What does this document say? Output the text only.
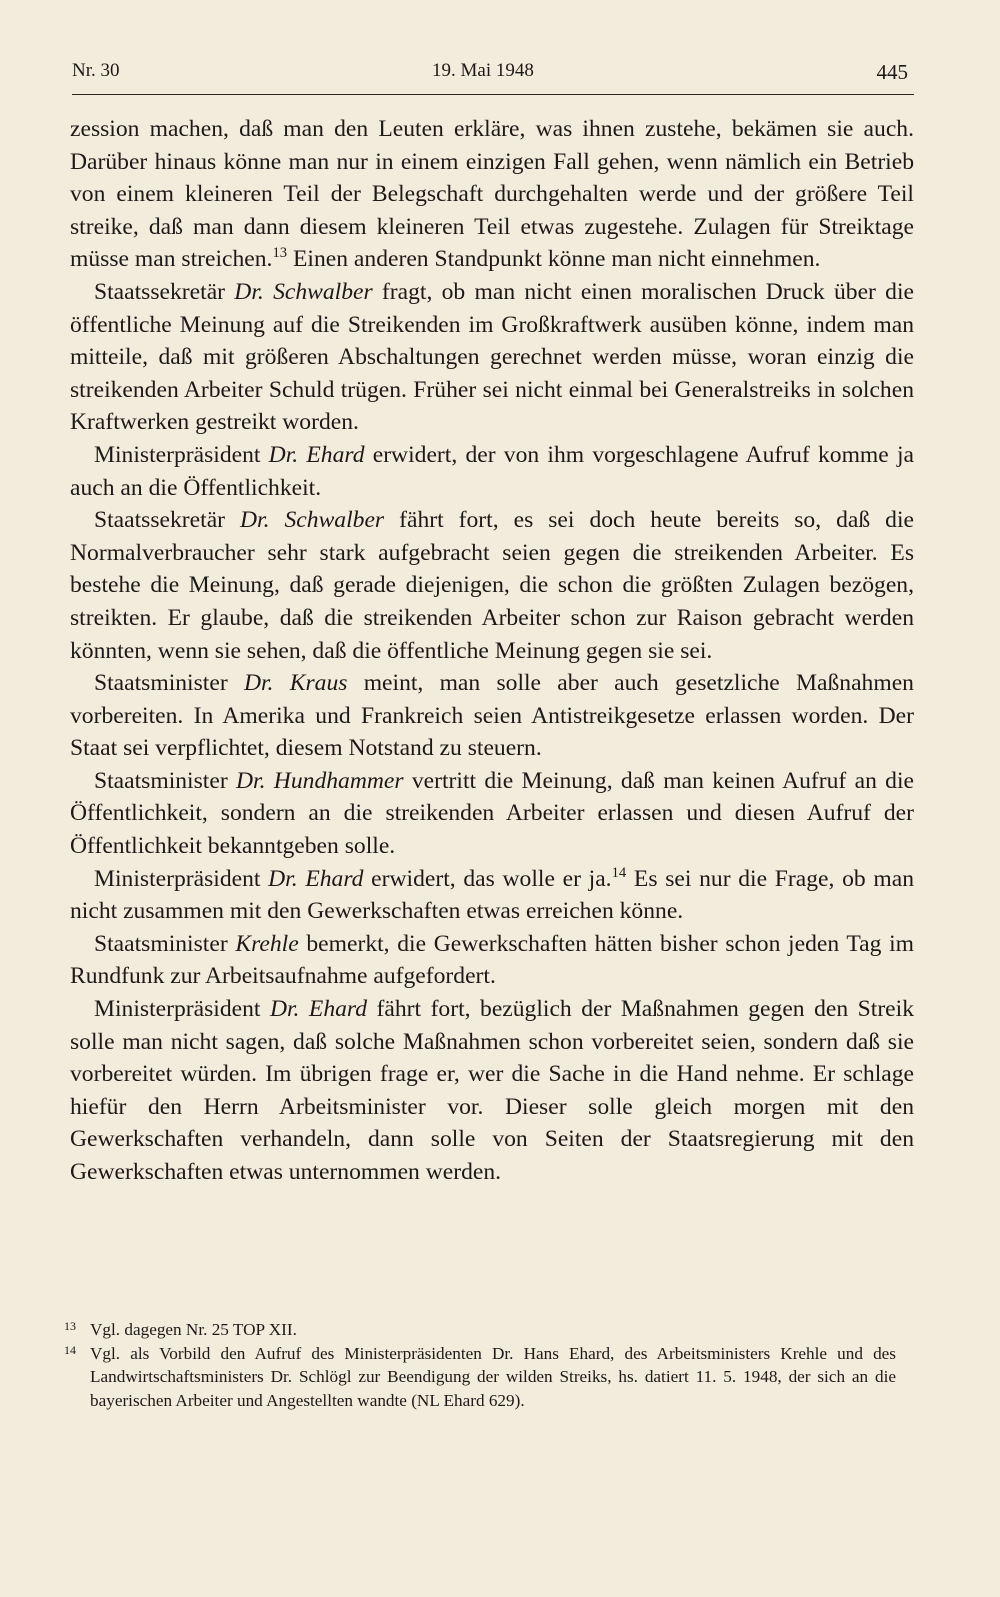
Nr. 30	19. Mai 1948	445

zession machen, daß man den Leuten erkläre, was ihnen zustehe, bekämen sie auch. Darüber hinaus könne man nur in einem einzigen Fall gehen, wenn nämlich ein Betrieb von einem kleineren Teil der Belegschaft durchgehalten werde und der größere Teil streike, daß man dann diesem kleineren Teil etwas zugestehe. Zulagen für Streiktage müsse man streichen.$^{13}$ Einen anderen Standpunkt könne man nicht einnehmen.

Staatssekretär Dr. Schwalber fragt, ob man nicht einen moralischen Druck über die öffentliche Meinung auf die Streikenden im Großkraftwerk ausüben könne, indem man mitteile, daß mit größeren Abschaltungen gerechnet werden müsse, woran einzig die streikenden Arbeiter Schuld trügen. Früher sei nicht einmal bei Generalstreiks in solchen Kraftwerken gestreikt worden.

Ministerpräsident Dr. Ehard erwidert, der von ihm vorgeschlagene Aufruf komme ja auch an die Öffentlichkeit.

Staatssekretär Dr. Schwalber fährt fort, es sei doch heute bereits so, daß die Normalverbraucher sehr stark aufgebracht seien gegen die streikenden Arbeiter. Es bestehe die Meinung, daß gerade diejenigen, die schon die größten Zulagen bezögen, streikten. Er glaube, daß die streikenden Arbeiter schon zur Raison gebracht werden könnten, wenn sie sehen, daß die öffentliche Meinung gegen sie sei.

Staatsminister Dr. Kraus meint, man solle aber auch gesetzliche Maßnahmen vorbereiten. In Amerika und Frankreich seien Antistreikgesetze erlassen worden. Der Staat sei verpflichtet, diesem Notstand zu steuern.

Staatsminister Dr. Hundhammer vertritt die Meinung, daß man keinen Aufruf an die Öffentlichkeit, sondern an die streikenden Arbeiter erlassen und diesen Aufruf der Öffentlichkeit bekanntgeben solle.

Ministerpräsident Dr. Ehard erwidert, das wolle er ja.$^{14}$ Es sei nur die Frage, ob man nicht zusammen mit den Gewerkschaften etwas erreichen könne.

Staatsminister Krehle bemerkt, die Gewerkschaften hätten bisher schon jeden Tag im Rundfunk zur Arbeitsaufnahme aufgefordert.

Ministerpräsident Dr. Ehard fährt fort, bezüglich der Maßnahmen gegen den Streik solle man nicht sagen, daß solche Maßnahmen schon vorbereitet seien, sondern daß sie vorbereitet würden. Im übrigen frage er, wer die Sache in die Hand nehme. Er schlage hiefür den Herrn Arbeitsminister vor. Dieser solle gleich morgen mit den Gewerkschaften verhandeln, dann solle von Seiten der Staatsregierung mit den Gewerkschaften etwas unternommen werden.

13 Vgl. dagegen Nr. 25 TOP XII.

14 Vgl. als Vorbild den Aufruf des Ministerpräsidenten Dr. Hans Ehard, des Arbeitsministers Krehle und des Landwirtschaftsministers Dr. Schlögl zur Beendigung der wilden Streiks, hs. datiert 11. 5. 1948, der sich an die bayerischen Arbeiter und Angestellten wandte (NL Ehard 629).
